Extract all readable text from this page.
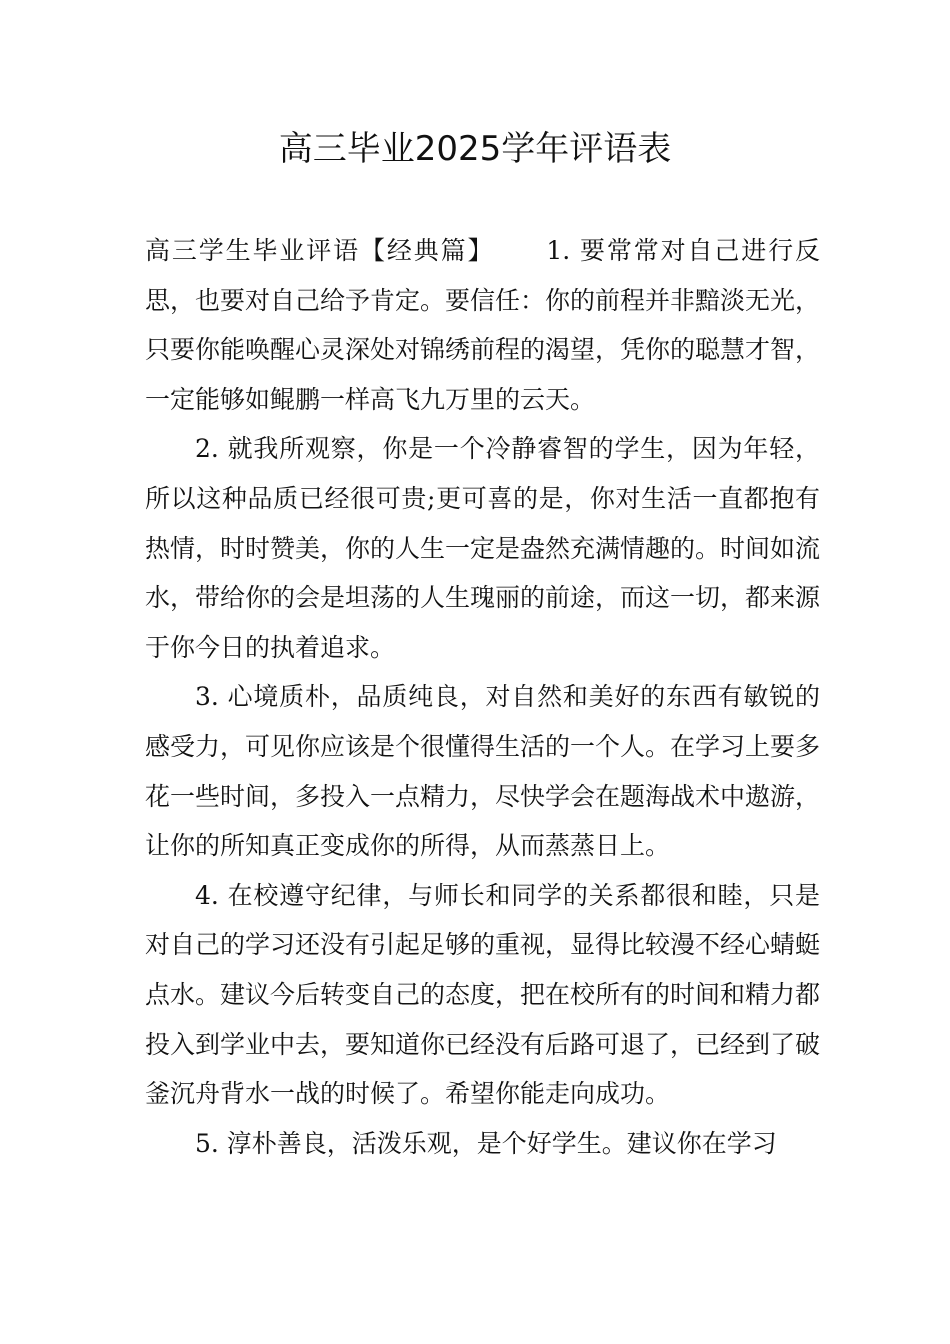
高三毕业2025学年评语表

高三学生毕业评语【经典篇】 1. 要常常对自己进行反思，也要对自己给予肯定。要信任：你的前程并非黯淡无光，只要你能唤醒心灵深处对锦绣前程的渴望，凭你的聪慧才智，一定能够如鲲鹏一样高飞九万里的云天。

2. 就我所观察，你是一个冷静睿智的学生，因为年轻，所以这种品质已经很可贵;更可喜的是，你对生活一直都抱有热情，时时赞美，你的人生一定是盎然充满情趣的。时间如流水，带给你的会是坦荡的人生瑰丽的前途，而这一切，都来源于你今日的执着追求。

3. 心境质朴，品质纯良，对自然和美好的东西有敏锐的感受力，可见你应该是个很懂得生活的一个人。在学习上要多花一些时间，多投入一点精力，尽快学会在题海战术中遨游，让你的所知真正变成你的所得，从而蒸蒸日上。

4. 在校遵守纪律，与师长和同学的关系都很和睦，只是对自己的学习还没有引起足够的重视，显得比较漫不经心蜻蜓点水。建议今后转变自己的态度，把在校所有的时间和精力都投入到学业中去，要知道你已经没有后路可退了，已经到了破釜沉舟背水一战的时候了。希望你能走向成功。

5. 淳朴善良，活泼乐观，是个好学生。建议你在学习
